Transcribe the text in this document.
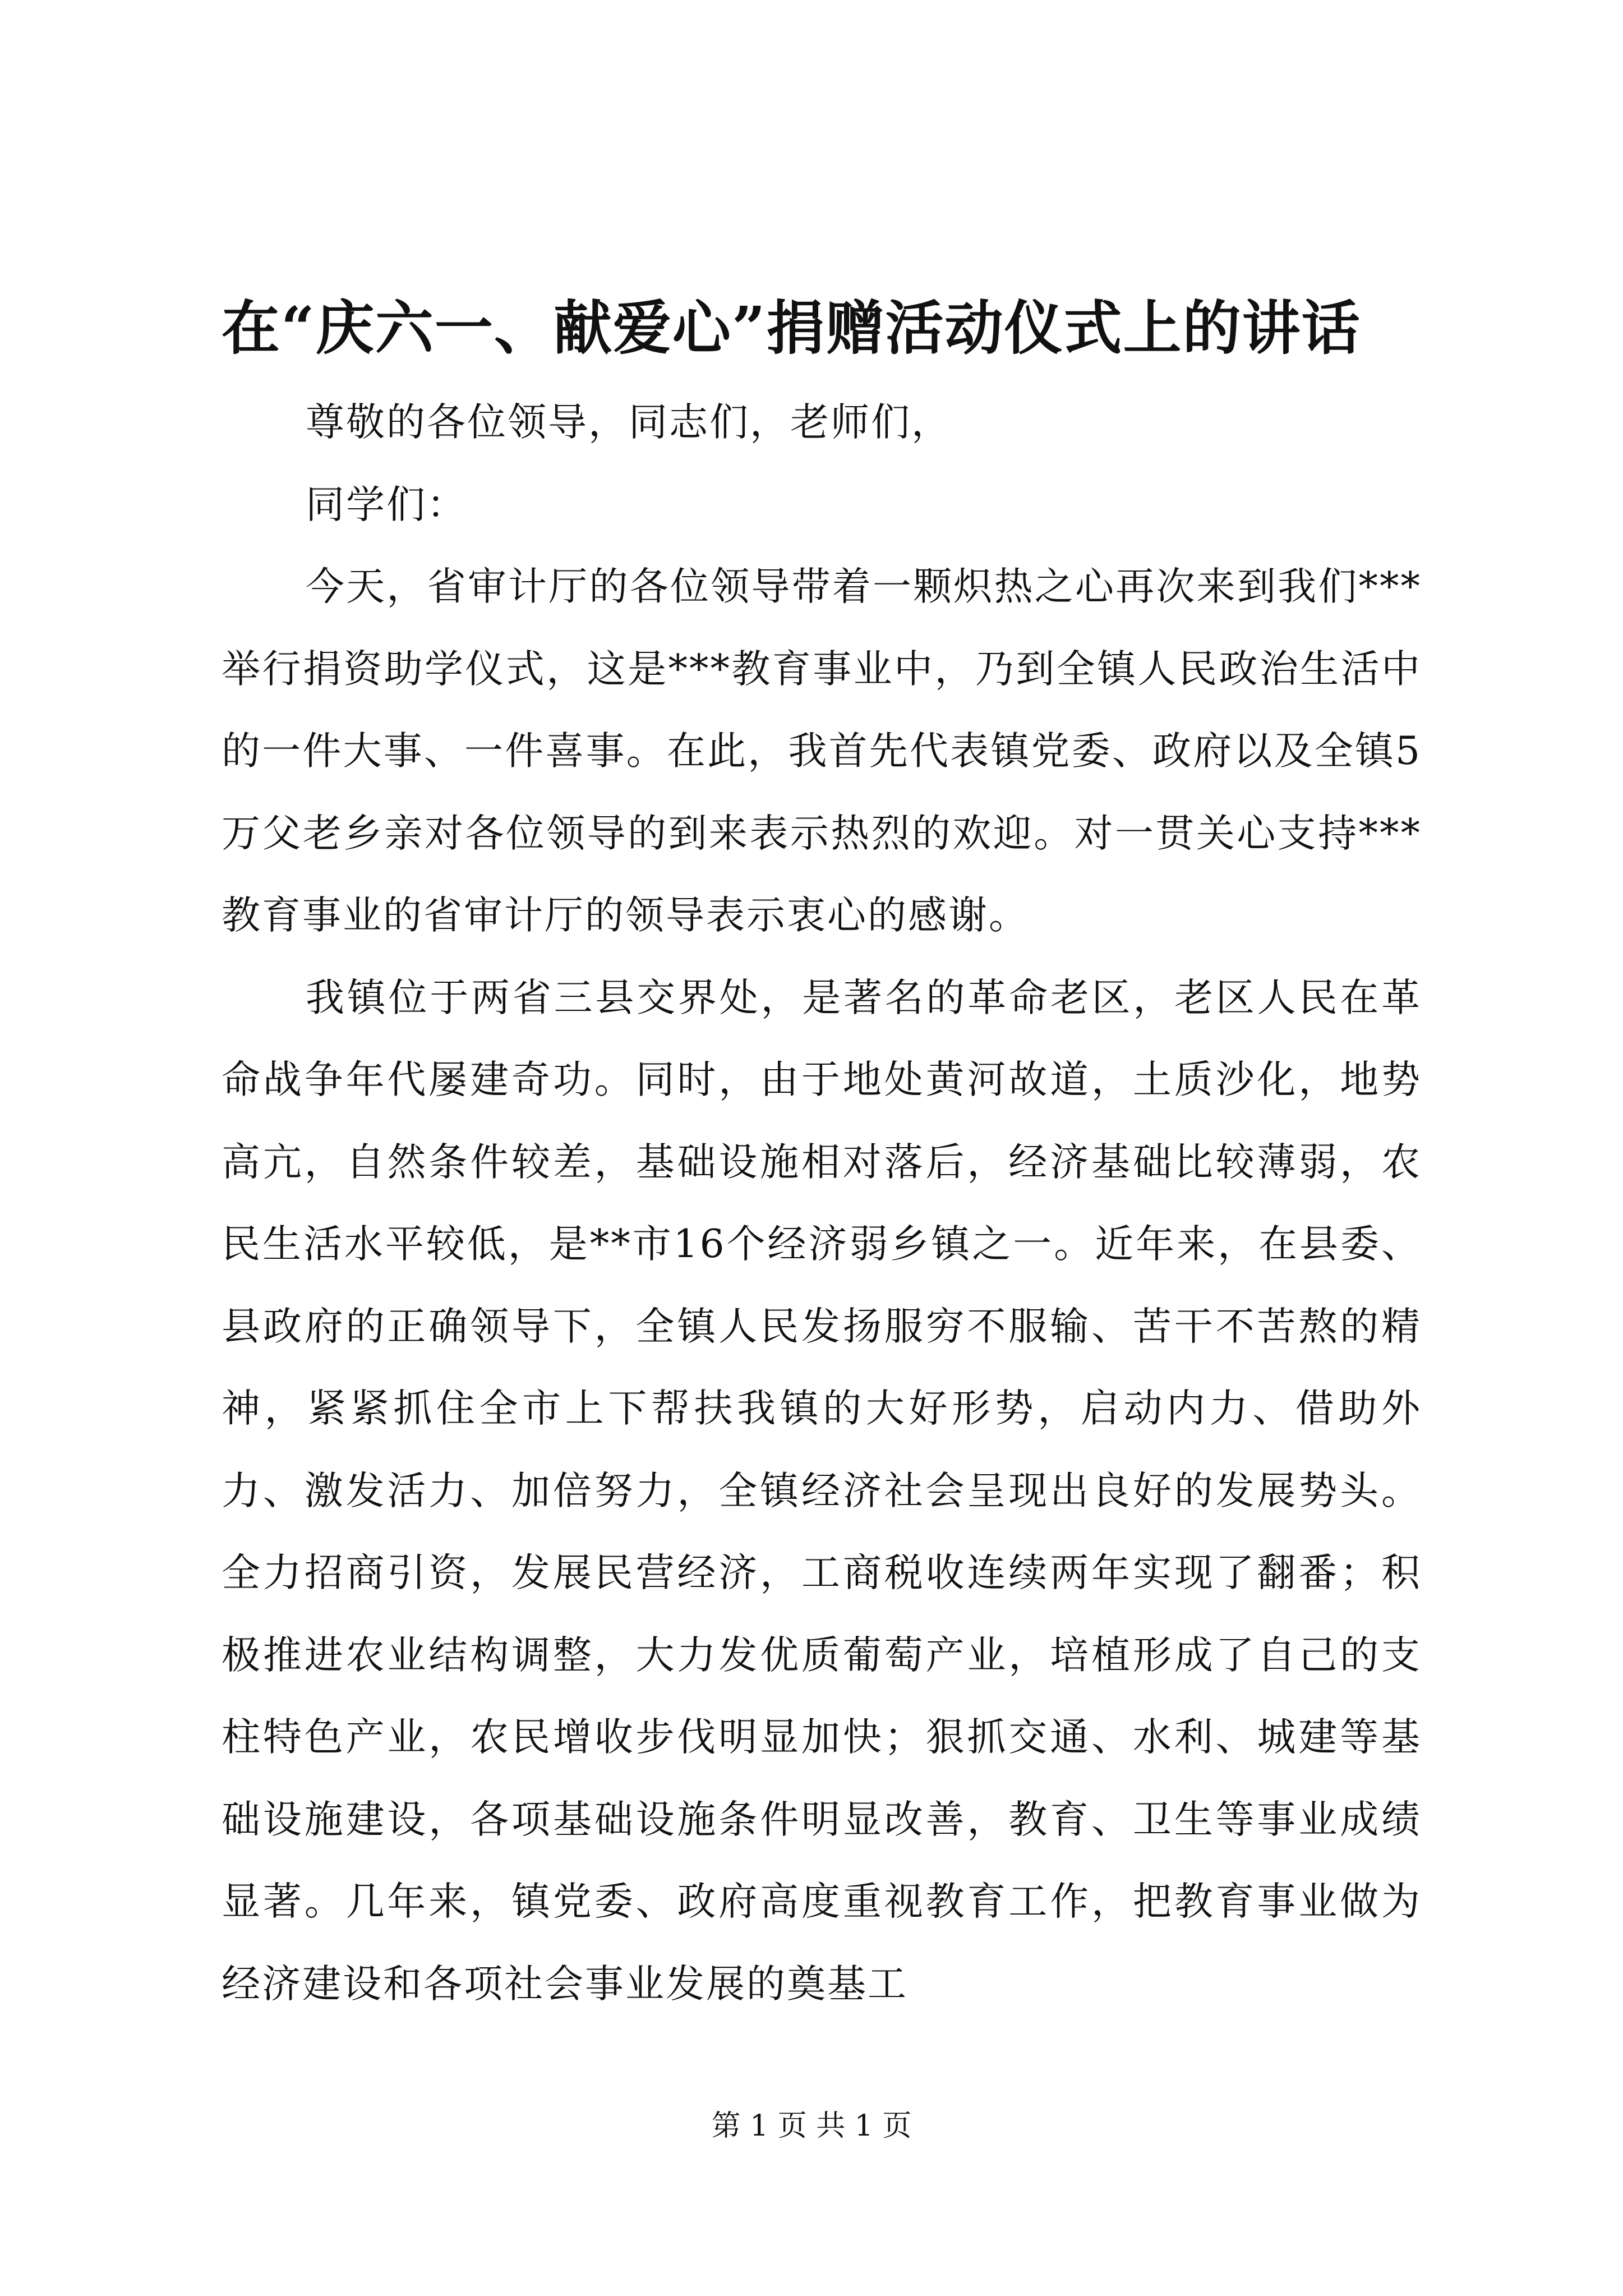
在“庆六一、献爱心”捐赠活动仪式上的讲话

尊敬的各位领导，同志们，老师们，

同学们：

今天，省审计厅的各位领导带着一颗炽热之心再次来到我们***举行捐资助学仪式，这是***教育事业中，乃到全镇人民政治生活中的一件大事、一件喜事。在此，我首先代表镇党委、政府以及全镇5万父老乡亲对各位领导的到来表示热烈的欢迎。对一贯关心支持***教育事业的省审计厅的领导表示衷心的感谢。

我镇位于两省三县交界处，是著名的革命老区，老区人民在革命战争年代屡建奇功。同时，由于地处黄河故道，土质沙化，地势高亢，自然条件较差，基础设施相对落后，经济基础比较薄弱，农民生活水平较低，是**市16个经济弱乡镇之一。近年来，在县委、县政府的正确领导下，全镇人民发扬服穷不服输、苦干不苦熬的精神，紧紧抓住全市上下帮扶我镇的大好形势，启动内力、借助外力、激发活力、加倍努力，全镇经济社会呈现出良好的发展势头。全力招商引资，发展民营经济，工商税收连续两年实现了翻番；积极推进农业结构调整，大力发优质葡萄产业，培植形成了自己的支柱特色产业，农民增收步伐明显加快；狠抓交通、水利、城建等基础设施建设，各项基础设施条件明显改善，教育、卫生等事业成绩显著。几年来，镇党委、政府高度重视教育工作，把教育事业做为经济建设和各项社会事业发展的奠基工

第 1 页 共 1 页
